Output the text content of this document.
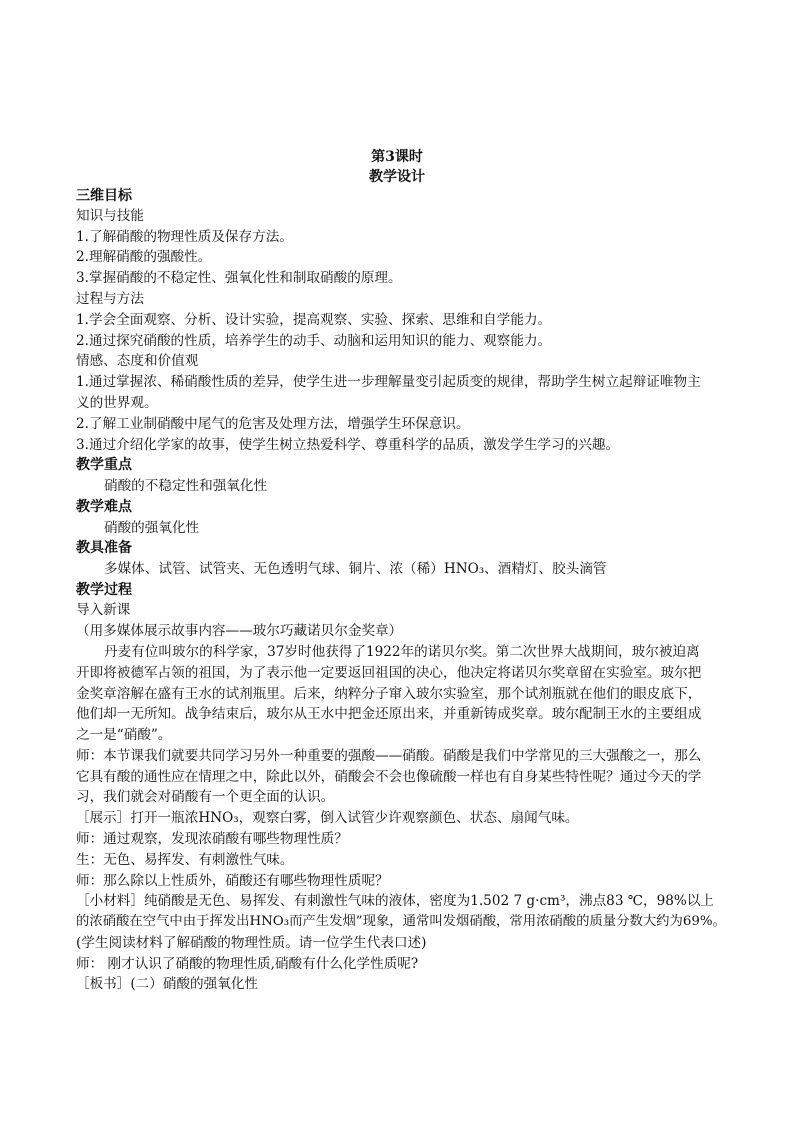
第3课时
教学设计
三维目标
知识与技能
1.了解硝酸的物理性质及保存方法。
2.理解硝酸的强酸性。
3.掌握硝酸的不稳定性、强氧化性和制取硝酸的原理。
过程与方法
1.学会全面观察、分析、设计实验，提高观察、实验、探索、思维和自学能力。
2.通过探究硝酸的性质，培养学生的动手、动脑和运用知识的能力、观察能力。
情感、态度和价值观
1.通过掌握浓、稀硝酸性质的差异，使学生进一步理解量变引起质变的规律，帮助学生树立起辩证唯物主
义的世界观。
2.了解工业制硝酸中尾气的危害及处理方法，增强学生环保意识。
3.通过介绍化学家的故事，使学生树立热爱科学、尊重科学的品质，激发学生学习的兴趣。
教学重点
硝酸的不稳定性和强氧化性
教学难点
硝酸的强氧化性
教具准备
多媒体、试管、试管夹、无色透明气球、铜片、浓（稀）HNO₃、酒精灯、胶头滴管
教学过程
导入新课
（用多媒体展示故事内容——玻尔巧藏诺贝尔金奖章）
丹麦有位叫玻尔的科学家，37岁时他获得了1922年的诺贝尔奖。第二次世界大战期间，玻尔被迫离
开即将被德军占领的祖国，为了表示他一定要返回祖国的决心，他决定将诺贝尔奖章留在实验室。玻尔把
金奖章溶解在盛有王水的试剂瓶里。后来，纳粹分子窜入玻尔实验室，那个试剂瓶就在他们的眼皮底下，
他们却一无所知。战争结束后，玻尔从王水中把金还原出来，并重新铸成奖章。玻尔配制王水的主要组成
之一是“硝酸”。
师：本节课我们就要共同学习另外一种重要的强酸——硝酸。硝酸是我们中学常见的三大强酸之一，那么
它具有酸的通性应在情理之中，除此以外，硝酸会不会也像硫酸一样也有自身某些特性呢？通过今天的学
习，我们就会对硝酸有一个更全面的认识。
［展示］打开一瓶浓HNO₃，观察白雾，倒入试管少许观察颜色、状态、扇闻气味。
师：通过观察，发现浓硝酸有哪些物理性质？
生：无色、易挥发、有刺激性气味。
师：那么除以上性质外，硝酸还有哪些物理性质呢？
［小材料］纯硝酸是无色、易挥发、有刺激性气味的液体，密度为1.502 7 g·cm³，沸点83 ℃，98%以上
的浓硝酸在空气中由于挥发出HNO₃而产生发烟”现象，通常叫发烟硝酸，常用浓硝酸的质量分数大约为69%。
(学生阅读材料了解硝酸的物理性质。请一位学生代表口述)
师： 刚才认识了硝酸的物理性质,硝酸有什么化学性质呢?
［板书］(二）硝酸的强氧化性
